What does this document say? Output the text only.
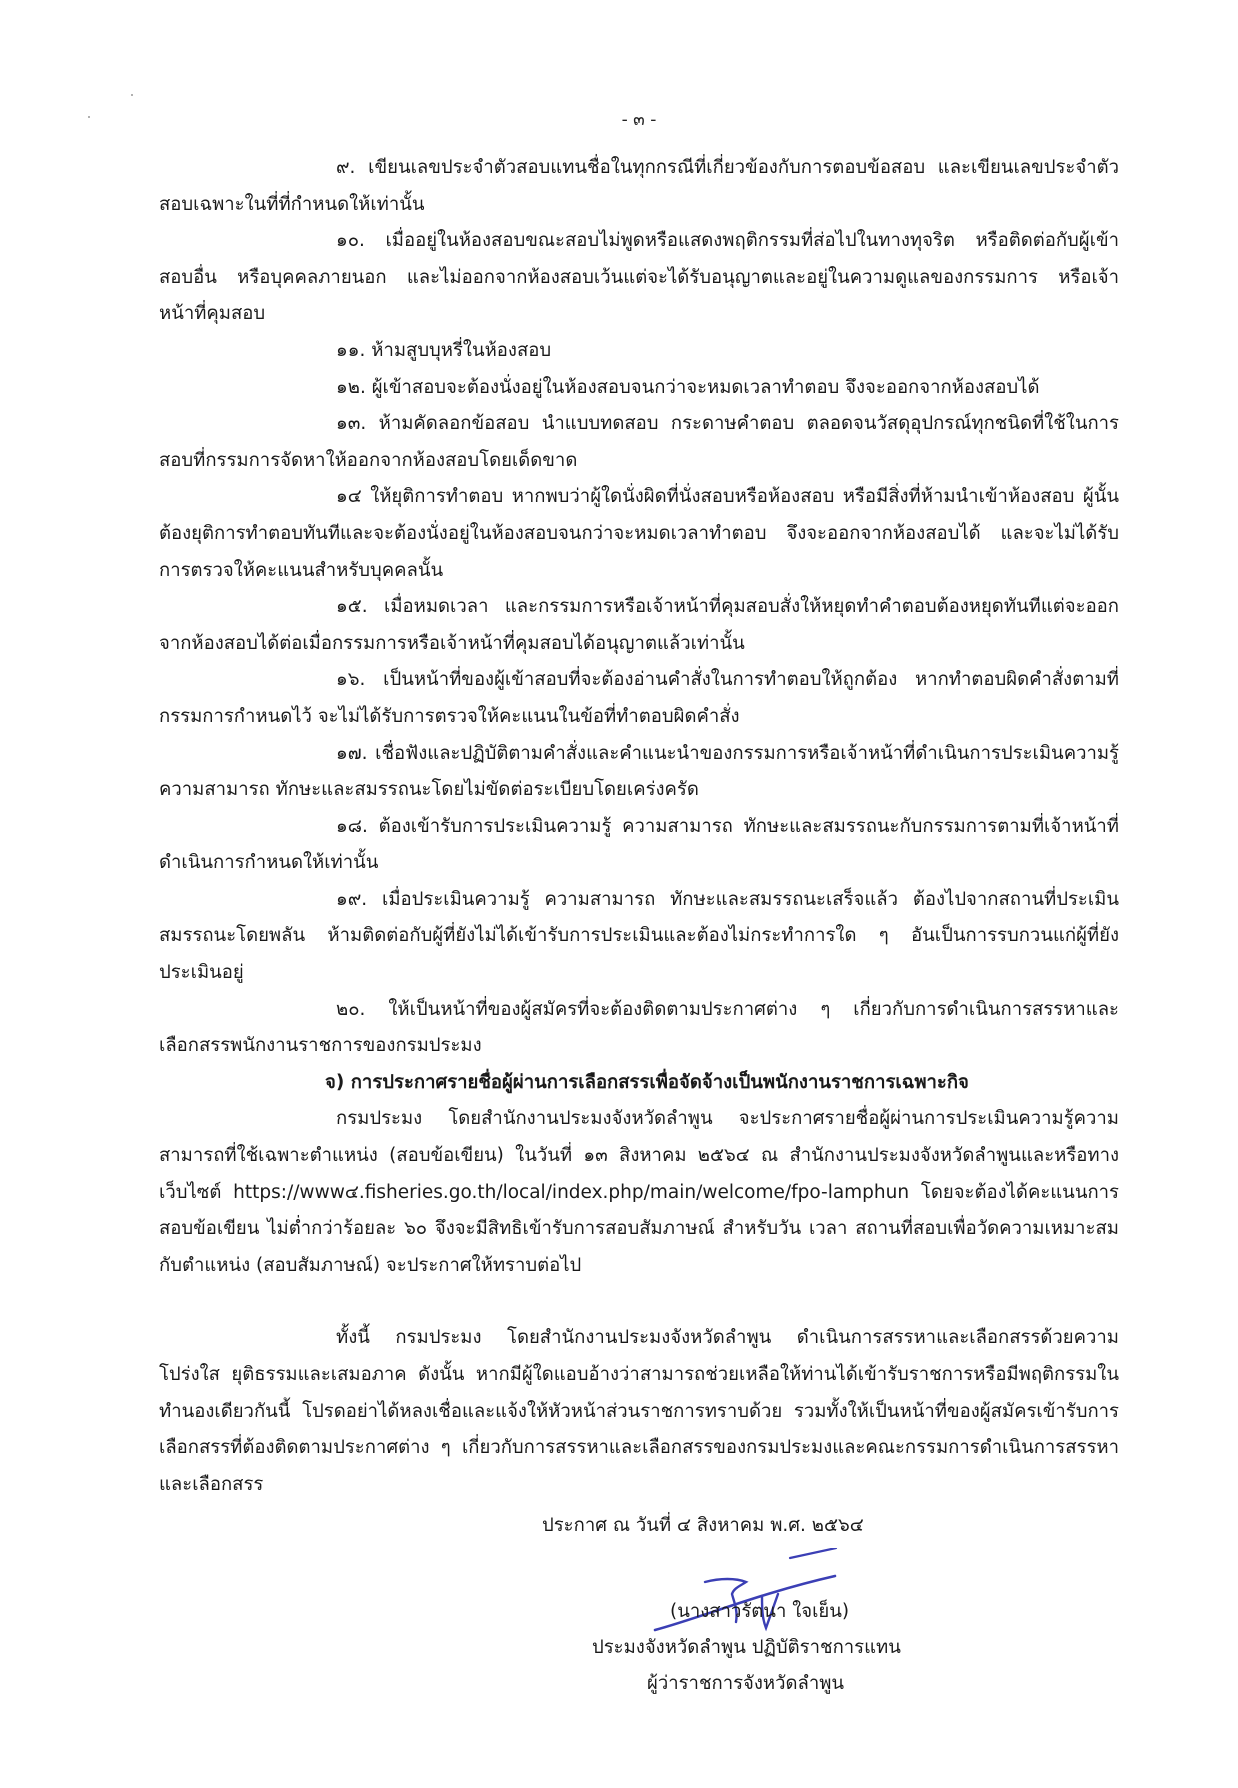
- ๓ -

๙. เขียนเลขประจำตัวสอบแทนชื่อในทุกกรณีที่เกี่ยวข้องกับการตอบข้อสอบ และเขียนเลขประจำตัวสอบเฉพาะในที่ที่กำหนดให้เท่านั้น

๑๐. เมื่ออยู่ในห้องสอบขณะสอบไม่พูดหรือแสดงพฤติกรรมที่ส่อไปในทางทุจริต หรือติดต่อกับผู้เข้าสอบอื่น หรือบุคคลภายนอก และไม่ออกจากห้องสอบเว้นแต่จะได้รับอนุญาตและอยู่ในความดูแลของกรรมการ หรือเจ้าหน้าที่คุมสอบ

๑๑. ห้ามสูบบุหรี่ในห้องสอบ

๑๒. ผู้เข้าสอบจะต้องนั่งอยู่ในห้องสอบจนกว่าจะหมดเวลาทำตอบ จึงจะออกจากห้องสอบได้

๑๓. ห้ามคัดลอกข้อสอบ นำแบบทดสอบ กระดาษคำตอบ ตลอดจนวัสดุอุปกรณ์ทุกชนิดที่ใช้ในการสอบที่กรรมการจัดหาให้ออกจากห้องสอบโดยเด็ดขาด

๑๔ ให้ยุติการทำตอบ หากพบว่าผู้ใดนั่งผิดที่นั่งสอบหรือห้องสอบ หรือมีสิ่งที่ห้ามนำเข้าห้องสอบ ผู้นั้นต้องยุติการทำตอบทันทีและจะต้องนั่งอยู่ในห้องสอบจนกว่าจะหมดเวลาทำตอบ จึงจะออกจากห้องสอบได้ และจะไม่ได้รับการตรวจให้คะแนนสำหรับบุคคลนั้น

๑๕. เมื่อหมดเวลา และกรรมการหรือเจ้าหน้าที่คุมสอบสั่งให้หยุดทำคำตอบต้องหยุดทันทีแต่จะออกจากห้องสอบได้ต่อเมื่อกรรมการหรือเจ้าหน้าที่คุมสอบได้อนุญาตแล้วเท่านั้น

๑๖. เป็นหน้าที่ของผู้เข้าสอบที่จะต้องอ่านคำสั่งในการทำตอบให้ถูกต้อง หากทำตอบผิดคำสั่งตามที่กรรมการกำหนดไว้ จะไม่ได้รับการตรวจให้คะแนนในข้อที่ทำตอบผิดคำสั่ง

๑๗. เชื่อฟังและปฏิบัติตามคำสั่งและคำแนะนำของกรรมการหรือเจ้าหน้าที่ดำเนินการประเมินความรู้ ความสามารถ ทักษะและสมรรถนะโดยไม่ขัดต่อระเบียบโดยเคร่งครัด

๑๘. ต้องเข้ารับการประเมินความรู้ ความสามารถ ทักษะและสมรรถนะกับกรรมการตามที่เจ้าหน้าที่ดำเนินการกำหนดให้เท่านั้น

๑๙. เมื่อประเมินความรู้ ความสามารถ ทักษะและสมรรถนะเสร็จแล้ว ต้องไปจากสถานที่ประเมินสมรรถนะโดยพลัน ห้ามติดต่อกับผู้ที่ยังไม่ได้เข้ารับการประเมินและต้องไม่กระทำการใด ๆ อันเป็นการรบกวนแก่ผู้ที่ยังประเมินอยู่

๒๐. ให้เป็นหน้าที่ของผู้สมัครที่จะต้องติดตามประกาศต่าง ๆ เกี่ยวกับการดำเนินการสรรหาและเลือกสรรพนักงานราชการของกรมประมง

จ) การประกาศรายชื่อผู้ผ่านการเลือกสรรเพื่อจัดจ้างเป็นพนักงานราชการเฉพาะกิจ

กรมประมง โดยสำนักงานประมงจังหวัดลำพูน จะประกาศรายชื่อผู้ผ่านการประเมินความรู้ความสามารถที่ใช้เฉพาะตำแหน่ง (สอบข้อเขียน) ในวันที่ ๑๓ สิงหาคม ๒๕๖๔ ณ สำนักงานประมงจังหวัดลำพูนและหรือทางเว็บไซต์ https://www๔.fisheries.go.th/local/index.php/main/welcome/fpo-lamphun โดยจะต้องได้คะแนนการสอบข้อเขียน ไม่ต่ำกว่าร้อยละ ๖๐ จึงจะมีสิทธิเข้ารับการสอบสัมภาษณ์ สำหรับวัน เวลา สถานที่สอบเพื่อวัดความเหมาะสมกับตำแหน่ง (สอบสัมภาษณ์) จะประกาศให้ทราบต่อไป

ทั้งนี้ กรมประมง โดยสำนักงานประมงจังหวัดลำพูน ดำเนินการสรรหาและเลือกสรรด้วยความโปร่งใส ยุติธรรมและเสมอภาค ดังนั้น หากมีผู้ใดแอบอ้างว่าสามารถช่วยเหลือให้ท่านได้เข้ารับราชการหรือมีพฤติกรรมในทำนองเดียวกันนี้ โปรดอย่าได้หลงเชื่อและแจ้งให้หัวหน้าส่วนราชการทราบด้วย รวมทั้งให้เป็นหน้าที่ของผู้สมัครเข้ารับการเลือกสรรที่ต้องติดตามประกาศต่าง ๆ เกี่ยวกับการสรรหาและเลือกสรรของกรมประมงและคณะกรรมการดำเนินการสรรหาและเลือกสรร

ประกาศ ณ วันที่ ๔ สิงหาคม พ.ศ. ๒๕๖๔
(นางสาวรัตนา ใจเย็น)
ประมงจังหวัดลำพูน ปฏิบัติราชการแทน
ผู้ว่าราชการจังหวัดลำพูน
